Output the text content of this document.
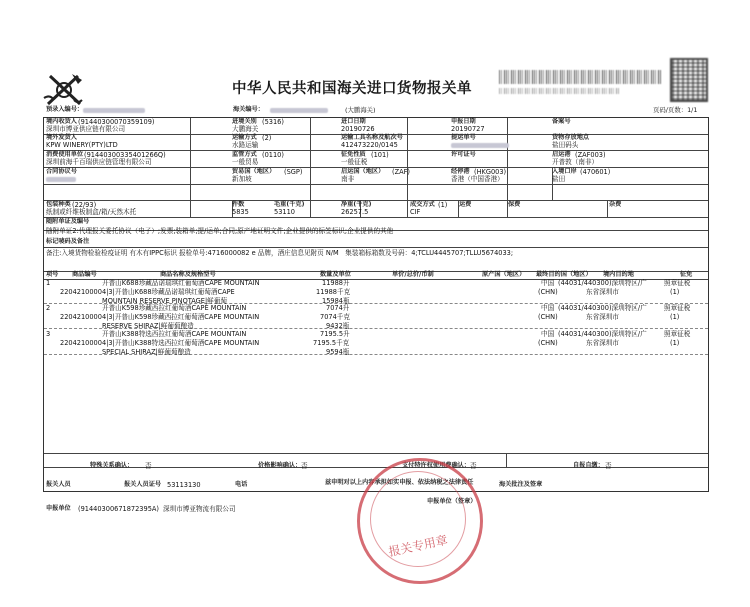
中华人民共和国海关进口货物报关单
预录入编号：	海关编号：	(大鹏海关)	页码/页数：1/1
境内收货人 (91440300070359109)
深圳市博亚供应链有限公司
进境关别 (5316)
大鹏海关
进口日期
20190726
申报日期
20190727
备案号
境外发货人
KPW WINERY(PTY)LTD
运输方式 (2)
水路运输
运输工具名称及航次号
412473220/0145
提运单号	货物存放地点
盐田码头
消费使用单位 (91440300335401266Q)
深圳前海千百瑞供应链管理有限公司
监管方式 (0110)
一般贸易
征免性质 (101)
一般征税
许可证号	启运港 (ZAF003)
开普敦（南非）
合同协议号	贸易国（地区） (SGP)
新加坡
启运国（地区） (ZAF)
南非
经停港 (HKG003)
香港（中国香港）
入境口岸 (470601)
盐田
包装种类 (22/93)
纸制或纤维板制盒/箱/天然木托
件数
5835
毛重(千克)
53110
净重(千克)
26257.5
成交方式 (1)
CIF
运费	保费	杂费
随附单证及编号
随附单证2:代理报关委托协议（电子）;发票;装箱单;提/运单;合同;原产地证明文件;企业提供的标签标识;企业提供的其他
标记唛码及备注
备注:入境货物检验检疫证明 有木有IPPC标识 报检单号:4716000082 e 品牌，酒庄信息见附页 N/M　集装箱标箱数及号码：4;TCLU4445707;TLLU5674033;
项号 商品编号	商品名称及规格型号	数量及单位	单价/总价/币制	原产国（地区） 最终目的国（地区） 境内目的地	征免
1
2204210000
开普山K688珍藏品诺瑞琪红葡萄酒CAPE MOUNTAIN
4|3|开普山K688珍藏品诺瑞琪红葡萄酒CAPE
MOUNTAIN RESERVE PINOTAGE|鲜葡萄
11988升
11988千克
15984瓶
中国
(CHN)
(44031/440300)深圳特区/广
东省深圳市
照章征税
(1)
2
2204210000
开普山K598珍藏西拉红葡萄酒CAPE MOUNTAIN
4|3|开普山K598珍藏西拉红葡萄酒CAPE MOUNTAIN
RESERVE SHIRAZ|鲜葡萄酿造
7074升
7074千克
9432瓶
中国
(CHN)
(44031/440300)深圳特区/广
东省深圳市
照章征税
(1)
3
2204210000
开普山K388特选西拉红葡萄酒CAPE MOUNTAIN
4|3|开普山K388特选西拉红葡萄酒CAPE MOUNTAIN
SPECIAL SHIRAZ|鲜葡萄酿造
7195.5升
7195.5千克
9594瓶
中国
(CHN)
(44031/440300)深圳特区/广
东省深圳市
照章征税
(1)
特殊关系确认： 否	价格影响确认： 否	支付特许权使用费确认： 否	自报自缴： 否
报关人员	报关人员证号 53113130	电话	兹申明对以上内容承担如实申报、依法纳税之法律责任	海关批注及签章
申报单位 (91440300671872395A) 深圳市博亚物流有限公司
申报单位（签章）
报关专用章
